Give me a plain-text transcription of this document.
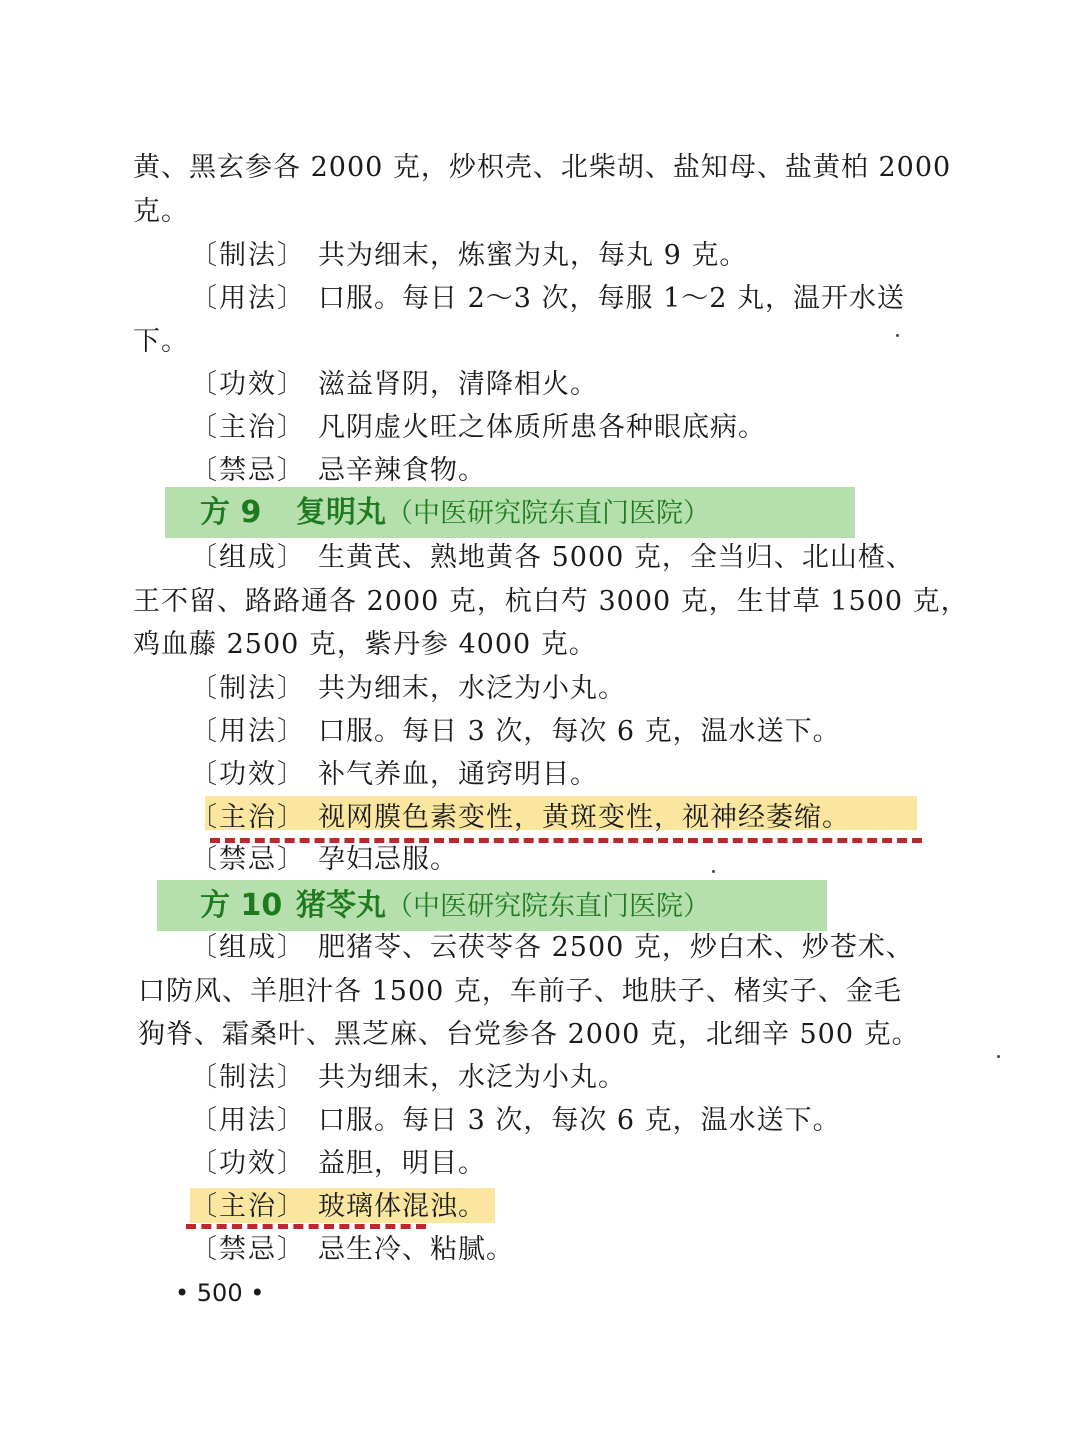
黄、黑玄参各 2000 克，炒枳壳、北柴胡、盐知母、盐黄柏 2000
克。
〔制法〕 共为细末，炼蜜为丸，每丸 9 克。
〔用法〕 口服。每日 2～3 次，每服 1～2 丸，温开水送
下。
〔功效〕 滋益肾阴，清降相火。
〔主治〕 凡阴虚火旺之体质所患各种眼底病。
〔禁忌〕 忌辛辣食物。
方 9 复明丸（中医研究院东直门医院）
〔组成〕 生黄芪、熟地黄各 5000 克，全当归、北山楂、
王不留、路路通各 2000 克，杭白芍 3000 克，生甘草 1500 克，
鸡血藤 2500 克，紫丹参 4000 克。
〔制法〕 共为细末，水泛为小丸。
〔用法〕 口服。每日 3 次，每次 6 克，温水送下。
〔功效〕 补气养血，通窍明目。
〔主治〕 视网膜色素变性，黄斑变性，视神经萎缩。
〔禁忌〕 孕妇忌服。
方 10 猪苓丸（中医研究院东直门医院）
〔组成〕 肥猪苓、云茯苓各 2500 克，炒白术、炒苍术、
口防风、羊胆汁各 1500 克，车前子、地肤子、楮实子、金毛
狗脊、霜桑叶、黑芝麻、台党参各 2000 克，北细辛 500 克。
〔制法〕 共为细末，水泛为小丸。
〔用法〕 口服。每日 3 次，每次 6 克，温水送下。
〔功效〕 益胆，明目。
〔主治〕 玻璃体混浊。
〔禁忌〕 忌生冷、粘腻。
• 500 •
